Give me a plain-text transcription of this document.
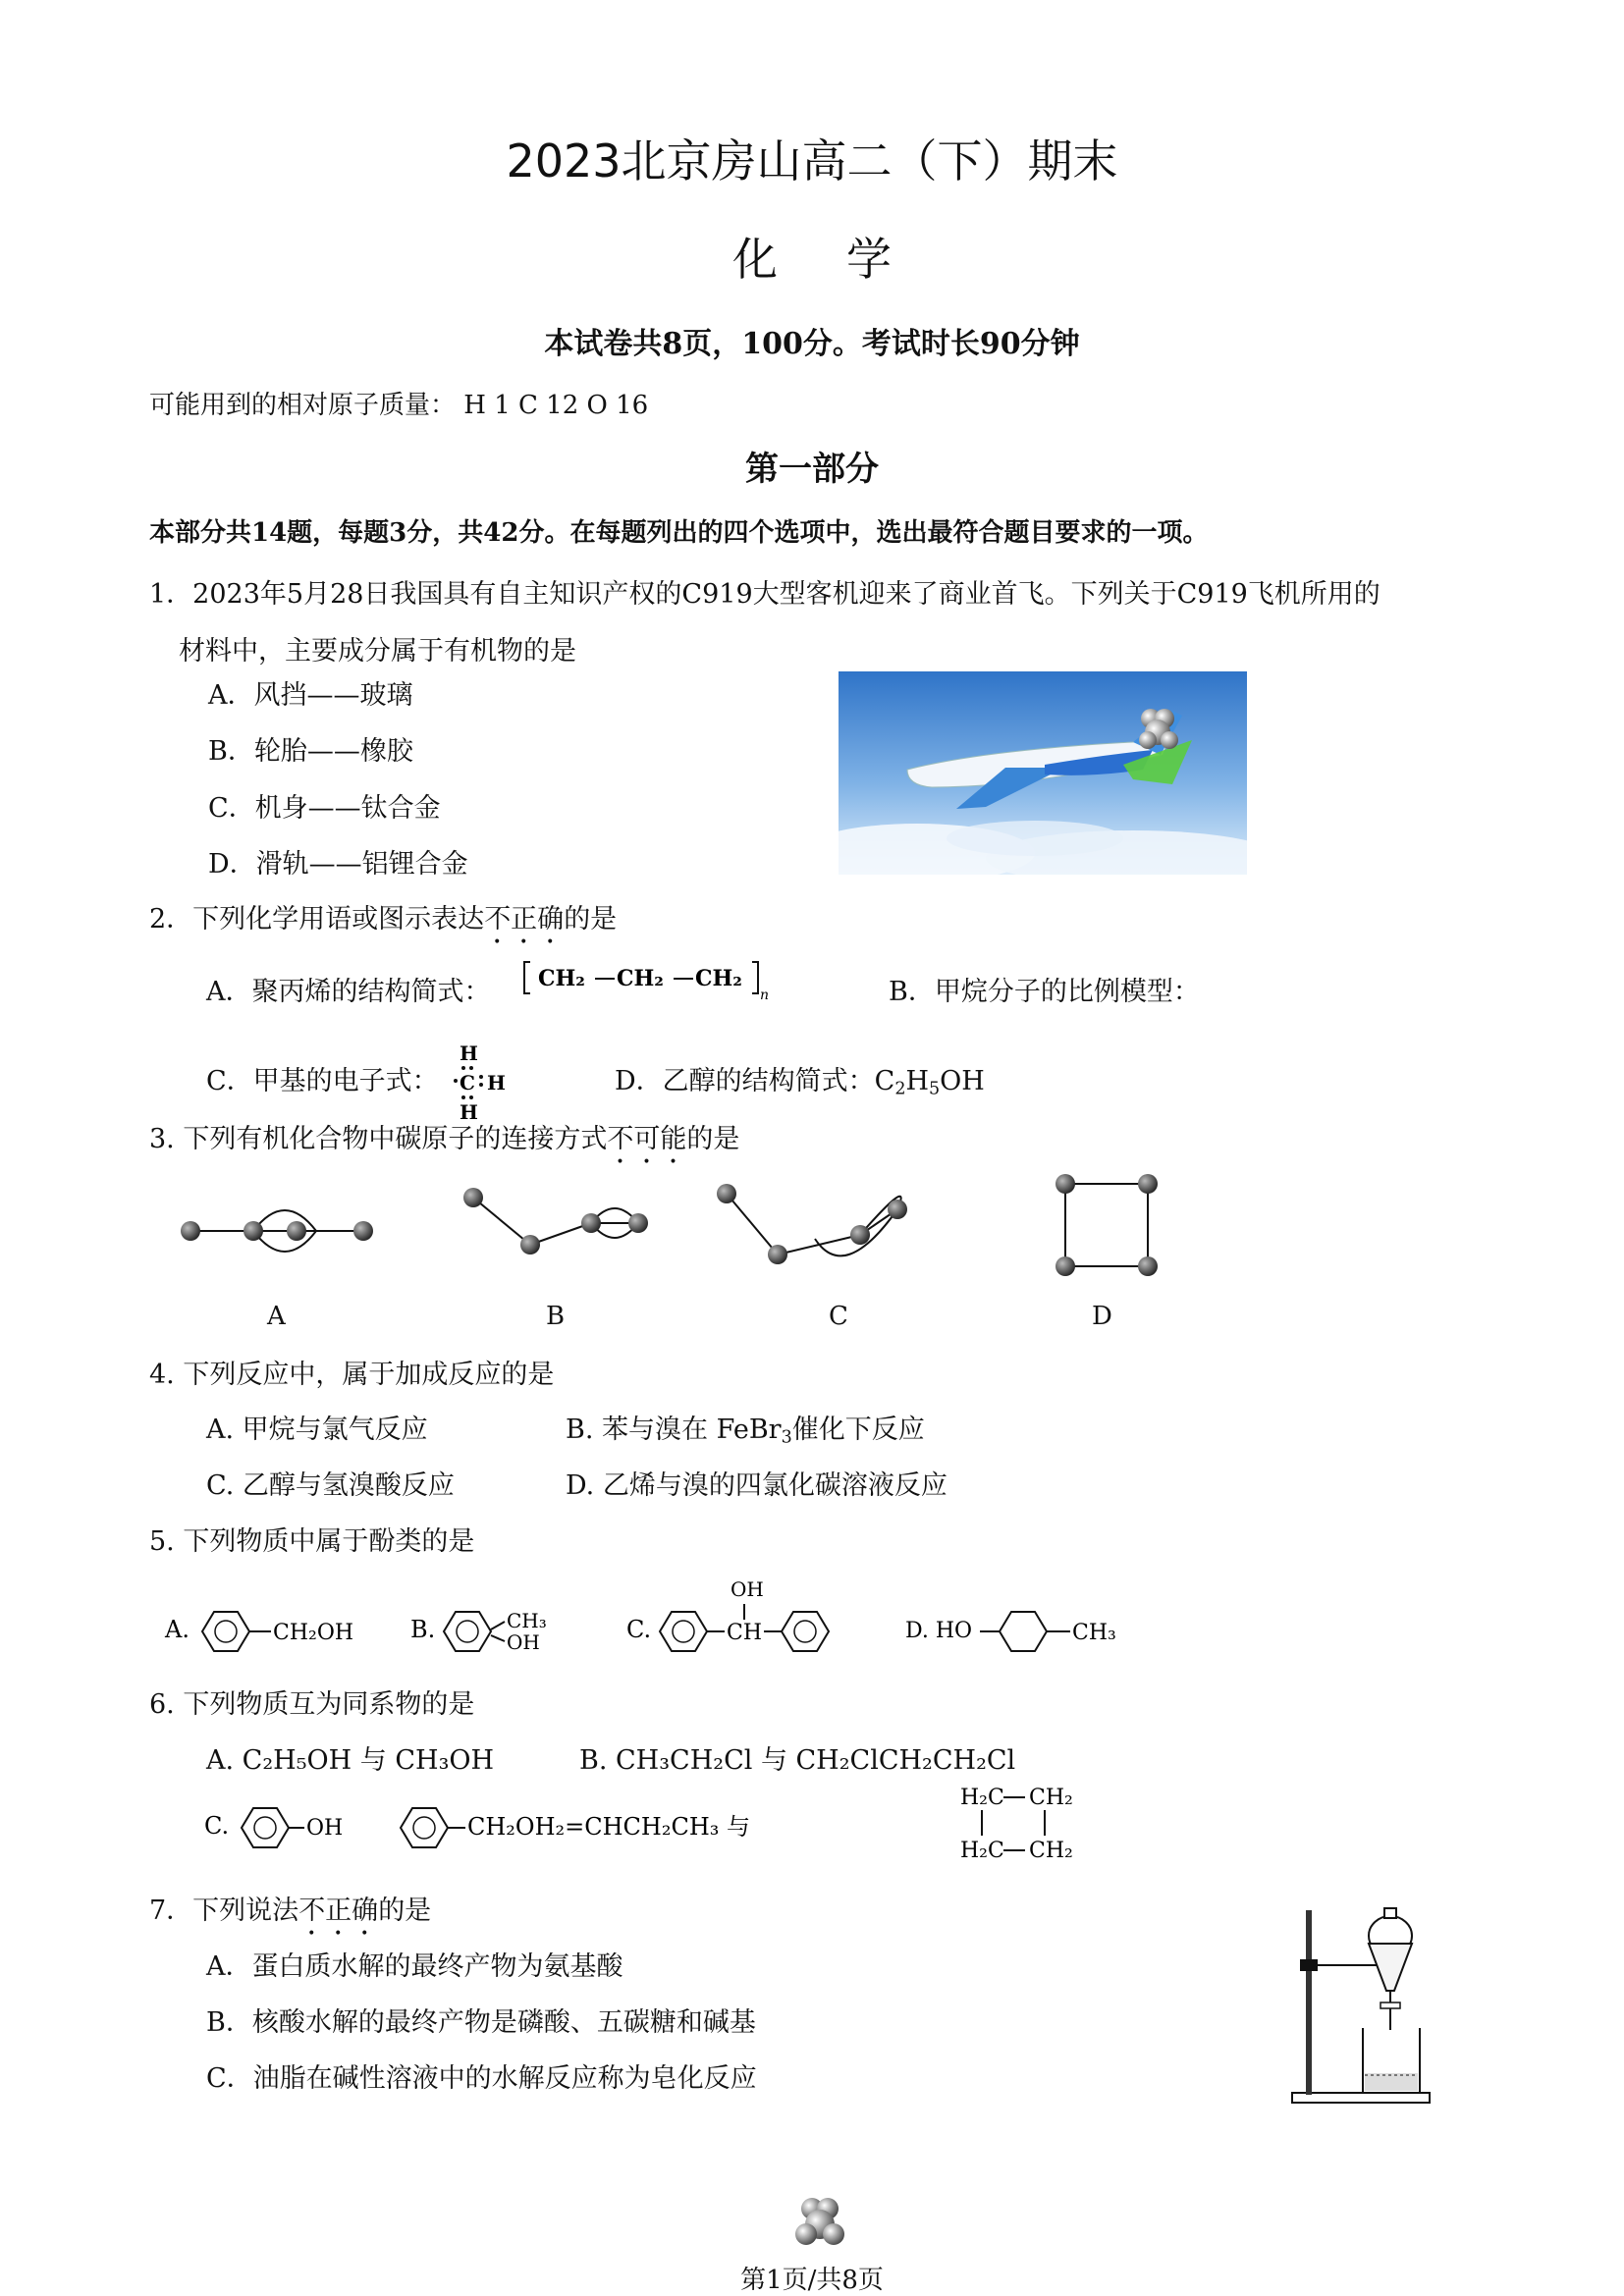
2023北京房山高二（下）期末
化学
本试卷共8页，100分。考试时长90分钟
可能用到的相对原子质量： H 1 C 12 O 16
第一部分
本部分共14题，每题3分，共42分。在每题列出的四个选项中，选出最符合题目要求的一项。
1．2023年5月28日我国具有自主知识产权的C919大型客机迎来了商业首飞。下列关于C919飞机所用的
材料中，主要成分属于有机物的是
A．风挡——玻璃
B．轮胎——橡胶
C．机身——钛合金
D．滑轨——铝锂合金
2．下列化学用语或图示表达不正确的是
A．聚丙烯的结构简式： CH₂ CH₂ CH₂
n	B．甲烷分子的比例模型：
C．甲基的电子式：
H
C H
H
D．乙醇的结构简式：$C_2H_5OH$
3. 下列有机化合物中碳原子的连接方式不可能的是
A	B	C	D
4. 下列反应中，属于加成反应的是
A. 甲烷与氯气反应	B. 苯与溴在 FeBr$_3$催化下反应
C. 乙醇与氢溴酸反应	D. 乙烯与溴的四氯化碳溶液反应
5. 下列物质中属于酚类的是
A.	CH₂OH B.	CH₃
OH	C.	CH
OH
D. HO	CH₃
6. 下列物质互为同系物的是
A. C₂H₅OH 与 CH₃OH	B. CH₃CH₂Cl 与 CH₂ClCH₂CH₂Cl
C.	OH	CH₂OH₂=CHCH₂CH₃ 与
H₂C CH₂
H₂C CH₂
7．下列说法不正确的是
A．蛋白质水解的最终产物为氨基酸
B．核酸水解的最终产物是磷酸、五碳糖和碱基
C．油脂在碱性溶液中的水解反应称为皂化反应
第1页/共8页
